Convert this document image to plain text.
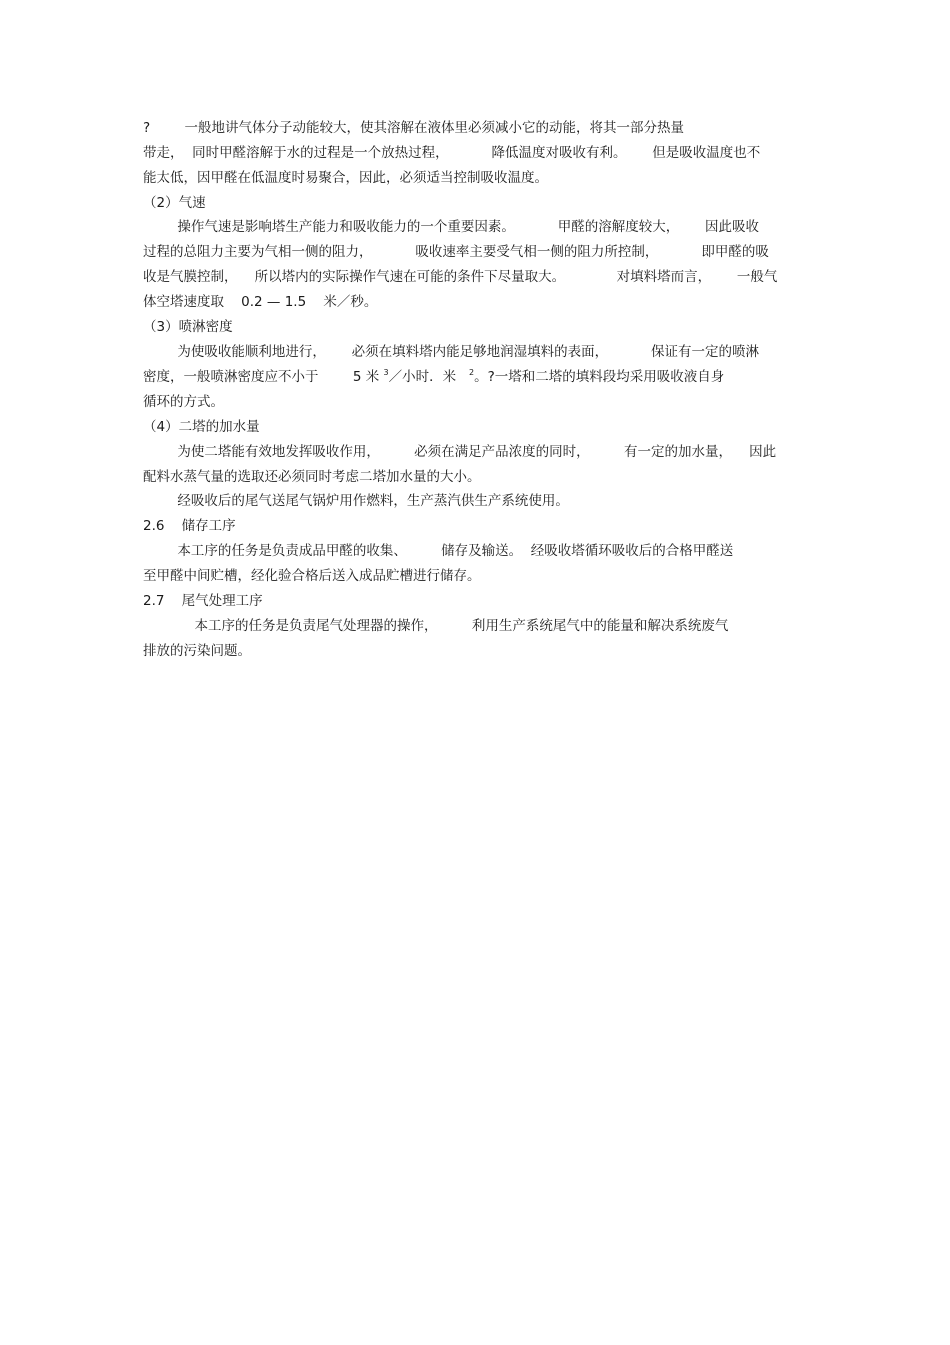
?        一般地讲气体分子动能较大，使其溶解在液体里必须减小它的动能，将其一部分热量
带走，  同时甲醛溶解于水的过程是一个放热过程，          降低温度对吸收有利。      但是吸收温度也不
能太低，因甲醛在低温度时易聚合，因此，必须适当控制吸收温度。
（2）气速
操作气速是影响塔生产能力和吸收能力的一个重要因素。          甲醛的溶解度较大，      因此吸收
过程的总阻力主要为气相一侧的阻力，          吸收速率主要受气相一侧的阻力所控制，          即甲醛的吸
收是气膜控制，    所以塔内的实际操作气速在可能的条件下尽量取大。            对填料塔而言，      一般气
体空塔速度取    0.2 — 1.5    米／秒。
（3）喷淋密度
为使吸收能顺利地进行，      必须在填料塔内能足够地润湿填料的表面，          保证有一定的喷淋
密度，一般喷淋密度应不小于        5 米 $^3$／小时．米   $^2$。?一塔和二塔的填料段均采用吸收液自身
循环的方式。
（4）二塔的加水量
为使二塔能有效地发挥吸收作用，        必须在满足产品浓度的同时，        有一定的加水量，    因此
配料水蒸气量的选取还必须同时考虑二塔加水量的大小。
经吸收后的尾气送尾气锅炉用作燃料，生产蒸汽供生产系统使用。
2.6    储存工序
本工序的任务是负责成品甲醛的收集、        储存及输送。  经吸收塔循环吸收后的合格甲醛送
至甲醛中间贮槽，经化验合格后送入成品贮槽进行储存。
2.7    尾气处理工序
本工序的任务是负责尾气处理器的操作，        利用生产系统尾气中的能量和解决系统废气
排放的污染问题。
